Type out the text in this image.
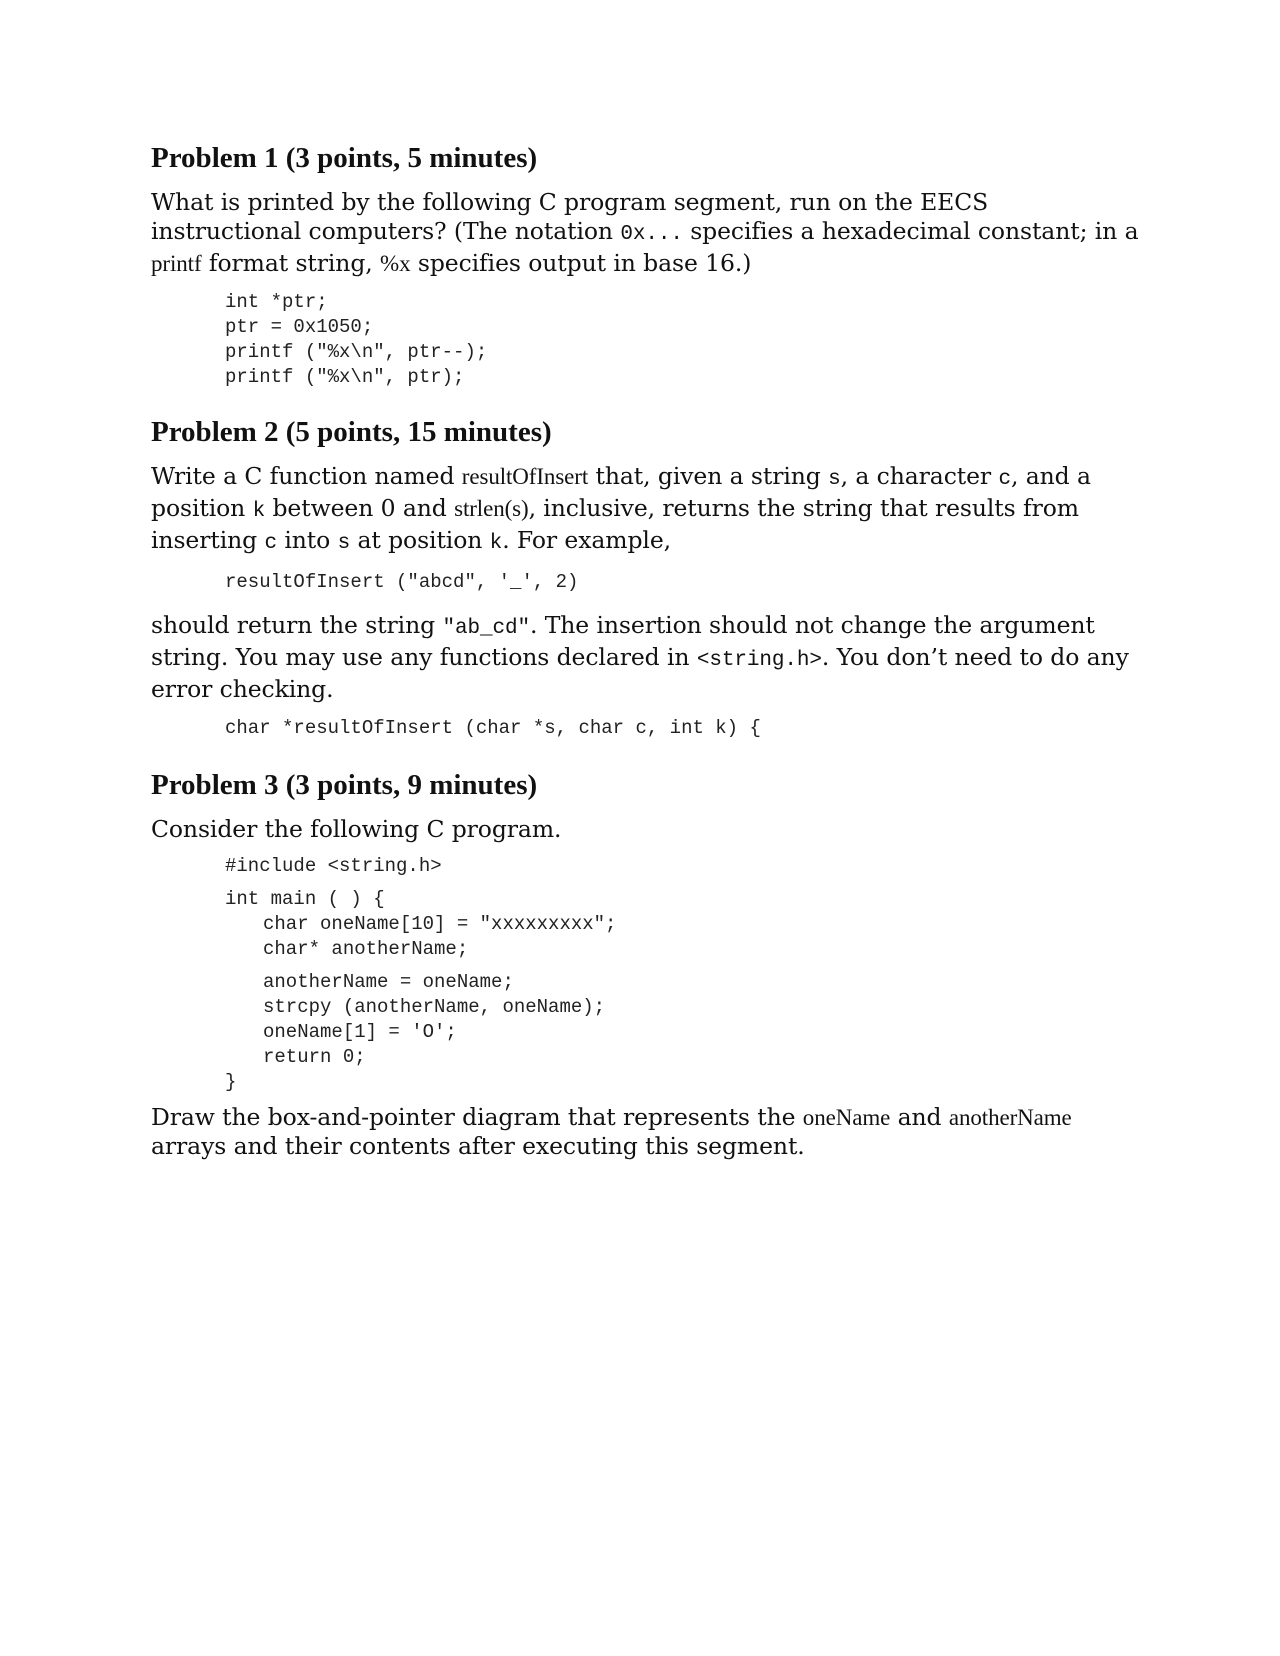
Problem 1 (3 points, 5 minutes)

What is printed by the following C program segment, run on the EECS instructional computers? (The notation 0x... specifies a hexadecimal constant; in a printf format string, %x specifies output in base 16.)

int *ptr;
ptr = 0x1050;
printf ("%x\n", ptr--);
printf ("%x\n", ptr);
Problem 2 (5 points, 15 minutes)

Write a C function named resultOfInsert that, given a string s, a character c, and a position k between 0 and strlen(s), inclusive, returns the string that results from inserting c into s at position k. For example,

resultOfInsert ("abcd", '_', 2)

should return the string "ab_cd". The insertion should not change the argument string. You may use any functions declared in <string.h>. You don’t need to do any error checking.

char *resultOfInsert (char *s, char c, int k) {
Problem 3 (3 points, 9 minutes)

Consider the following C program.

#include <string.h>
int main ( ) {
char oneName[10] = "xxxxxxxxx";
char* anotherName;
anotherName = oneName;
strcpy (anotherName, oneName);
oneName[1] = 'O';
return 0;
}

Draw the box-and-pointer diagram that represents the oneName and anotherName arrays and their contents after executing this segment.
